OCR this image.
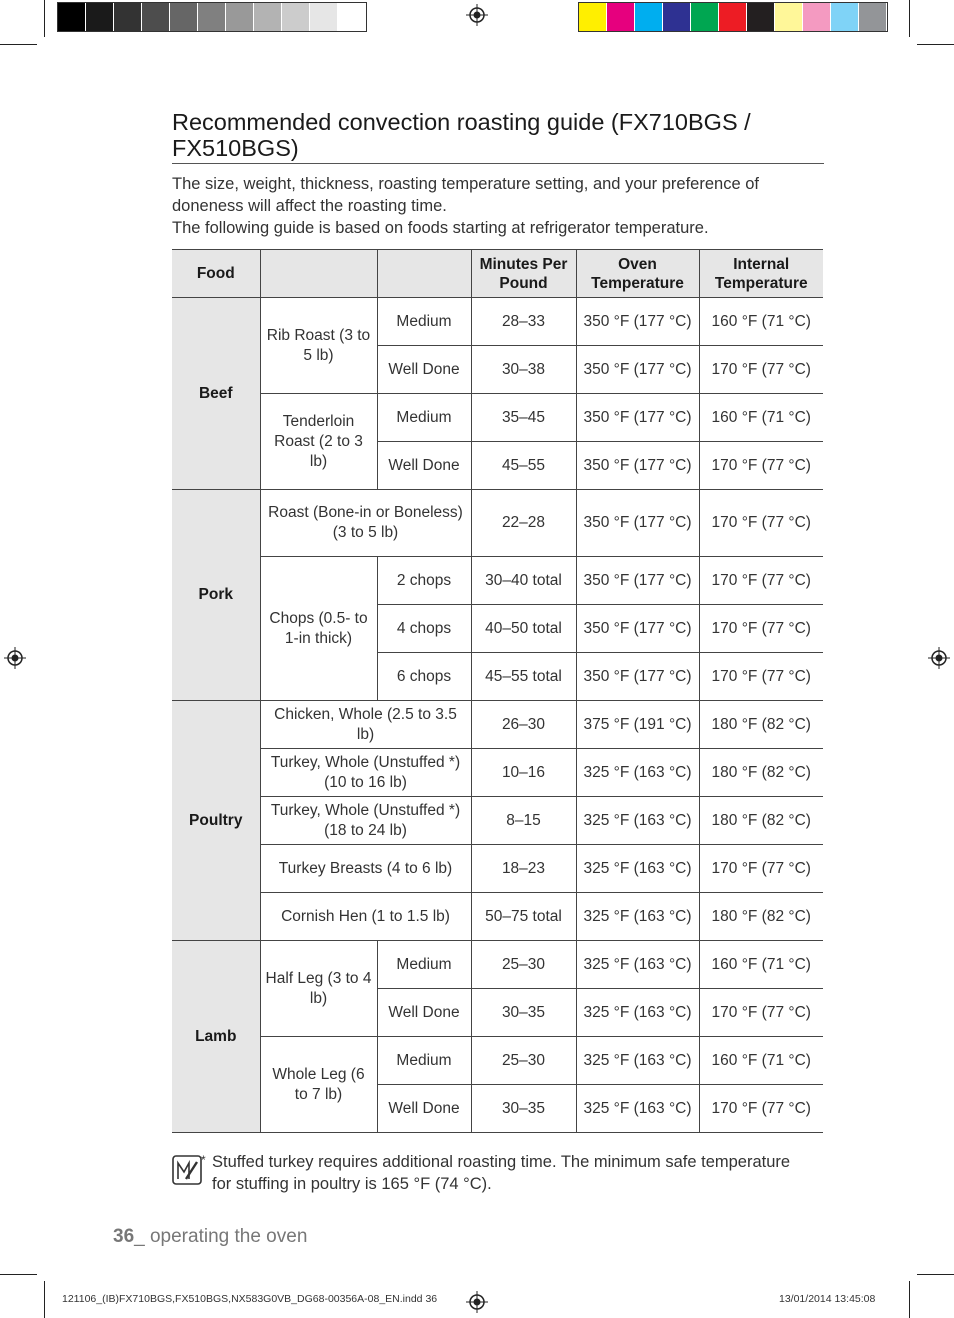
Recommended convection roasting guide (FX710BGS / FX510BGS)

The size, weight, thickness, roasting temperature setting, and your preference of doneness will affect the roasting time.

The following guide is based on foods starting at refrigerator temperature.

Food			Minutes Per Pound	Oven Temperature	Internal Temperature
Beef	Rib Roast (3 to 5 lb)	Medium	28–33	350 °F (177 °C)	160 °F (71 °C)
		Well Done	30–38	350 °F (177 °C)	170 °F (77 °C)
	Tenderloin Roast (2 to 3 lb)	Medium	35–45	350 °F (177 °C)	160 °F (71 °C)
		Well Done	45–55	350 °F (177 °C)	170 °F (77 °C)
Pork	Roast (Bone-in or Boneless) (3 to 5 lb)		22–28	350 °F (177 °C)	170 °F (77 °C)
	Chops (0.5- to 1-in thick)	2 chops	30–40 total	350 °F (177 °C)	170 °F (77 °C)
		4 chops	40–50 total	350 °F (177 °C)	170 °F (77 °C)
		6 chops	45–55 total	350 °F (177 °C)	170 °F (77 °C)
Poultry	Chicken, Whole (2.5 to 3.5 lb)		26–30	375 °F (191 °C)	180 °F (82 °C)
	Turkey, Whole (Unstuffed *) (10 to 16 lb)		10–16	325 °F (163 °C)	180 °F (82 °C)
	Turkey, Whole (Unstuffed *) (18 to 24 lb)		8–15	325 °F (163 °C)	180 °F (82 °C)
	Turkey Breasts (4 to 6 lb)		18–23	325 °F (163 °C)	170 °F (77 °C)
	Cornish Hen (1 to 1.5 lb)		50–75 total	325 °F (163 °C)	180 °F (82 °C)
Lamb	Half Leg (3 to 4 lb)	Medium	25–30	325 °F (163 °C)	160 °F (71 °C)
		Well Done	30–35	325 °F (163 °C)	170 °F (77 °C)
	Whole Leg (6 to 7 lb)	Medium	25–30	325 °F (163 °C)	160 °F (71 °C)
		Well Done	30–35	325 °F (163 °C)	170 °F (77 °C)
* Stuffed turkey requires additional roasting time. The minimum safe temperature for stuffing in poultry is 165 °F (74 °C).
36_ operating the oven
121106_(IB)FX710BGS,FX510BGS,NX583G0VB_DG68-00356A-08_EN.indd 36	13/01/2014 13:45:08
